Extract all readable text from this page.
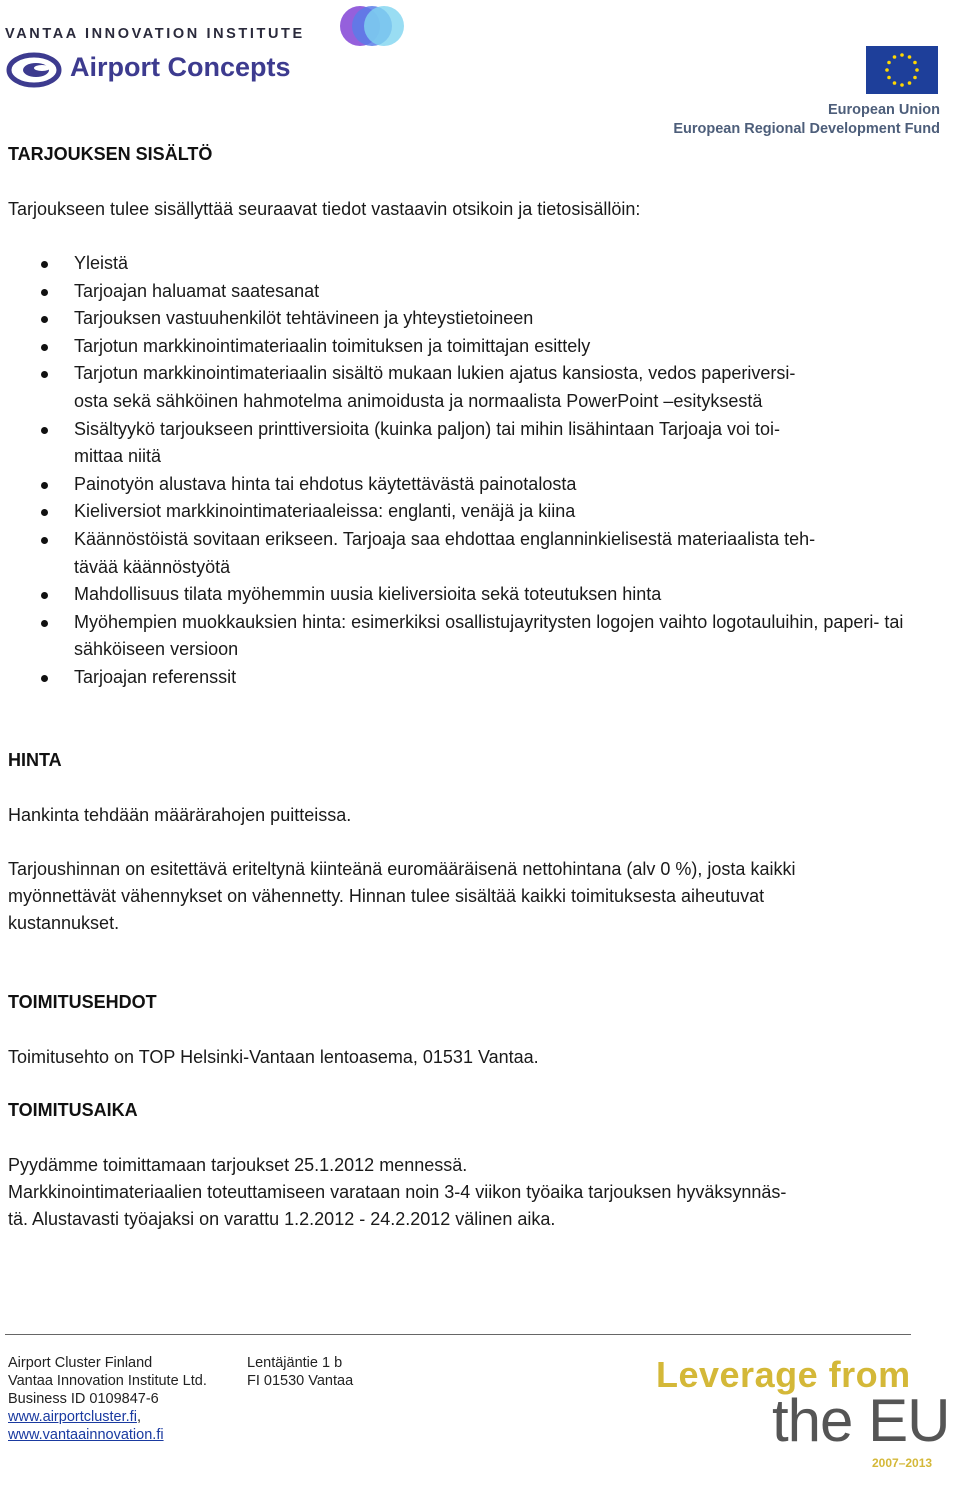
VANTAA INNOVATION INSTITUTE
Airport Concepts
European Union
European Regional Development Fund
TARJOUKSEN SISÄLTÖ
Tarjoukseen tulee sisällyttää seuraavat tiedot vastaavin otsikoin ja tietosisällöin:
Yleistä
Tarjoajan haluamat saatesanat
Tarjouksen vastuuhenkilöt tehtävineen ja yhteystietoineen
Tarjotun markkinointimateriaalin toimituksen ja toimittajan esittely
Tarjotun markkinointimateriaalin sisältö mukaan lukien ajatus kansiosta, vedos paperiversi-
osta sekä sähköinen hahmotelma animoidusta ja normaalista PowerPoint –esityksestä
Sisältyykö tarjoukseen printtiversioita (kuinka paljon) tai mihin lisähintaan Tarjoaja voi toi-
mittaa niitä
Painotyön alustava hinta tai ehdotus käytettävästä painotalosta
Kieliversiot markkinointimateriaaleissa: englanti, venäjä ja kiina
Käännöstöistä sovitaan erikseen. Tarjoaja saa ehdottaa englanninkielisestä materiaalista teh-
tävää käännöstyötä
Mahdollisuus tilata myöhemmin uusia kieliversioita sekä toteutuksen hinta
Myöhempien muokkauksien hinta: esimerkiksi osallistujayritysten logojen vaihto logotauluihin, paperi- tai sähköiseen versioon
Tarjoajan referenssit
HINTA
Hankinta tehdään määrärahojen puitteissa.
Tarjoushinnan on esitettävä eriteltynä kiinteänä euromääräisenä nettohintana (alv 0 %), josta kaikki
myönnettävät vähennykset on vähennetty. Hinnan tulee sisältää kaikki toimituksesta aiheutuvat
kustannukset.
TOIMITUSEHDOT
Toimitusehto on TOP Helsinki-Vantaan lentoasema, 01531 Vantaa.
TOIMITUSAIKA
Pyydämme toimittamaan tarjoukset 25.1.2012 mennessä.
Markkinointimateriaalien toteuttamiseen varataan noin 3-4 viikon työaika tarjouksen hyväksynnäs-
tä. Alustavasti työajaksi on varattu 1.2.2012 - 24.2.2012 välinen aika.
Airport Cluster Finland
Vantaa Innovation Institute Ltd.
Business ID 0109847-6
www.airportcluster.fi,
www.vantaainnovation.fi
Lentäjäntie 1 b
FI 01530 Vantaa	Leverage from
the EU
2007–2013
